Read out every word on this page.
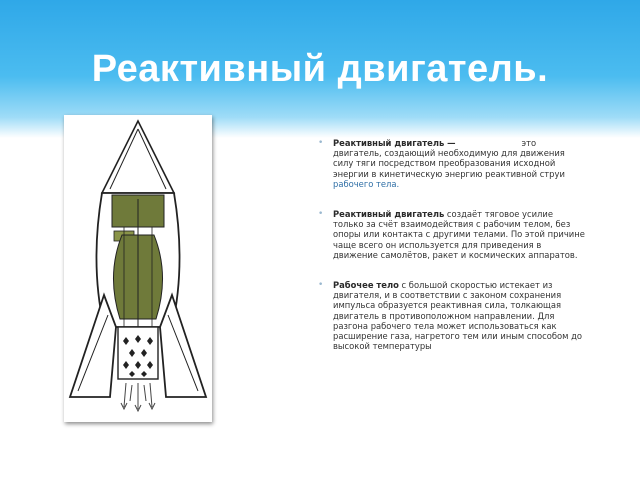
Реактивный двигатель.

• Реактивный двигатель —	это двигатель, создающий необходимую для движения силу тяги посредством преобразования исходной энергии в кинетическую энергию реактивной струи рабочего тела.

• Реактивный двигатель создаёт тяговое усилие только за счёт взаимодействия с рабочим телом, без опоры или контакта с другими телами. По этой причине чаще всего он используется для приведения в движение самолётов, ракет и космических аппаратов.

• Рабочее тело с большой скоростью истекает из двигателя, и в соответствии с законом сохранения импульса образуется реактивная сила, толкающая двигатель в противоположном направлении. Для разгона рабочего тела может использоваться как расширение газа, нагретого тем или иным способом до высокой температуры
